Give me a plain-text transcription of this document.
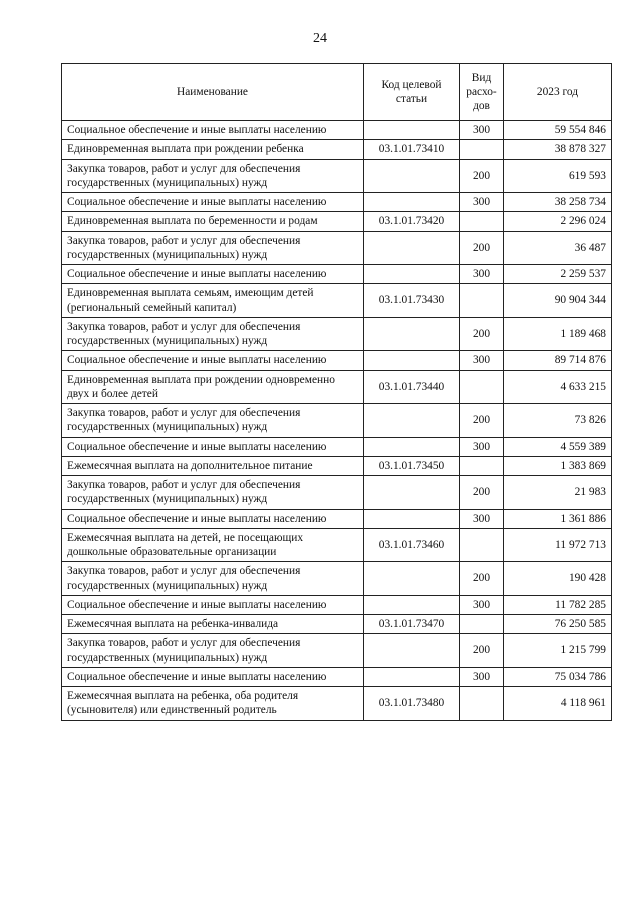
24
Наименование	Код целевой статьи	Вид расхо-дов	2023 год
Социальное обеспечение и иные выплаты населению		300	59 554 846
Единовременная выплата при рождении ребенка	03.1.01.73410		38 878 327
Закупка товаров, работ и услуг для обеспечения государственных (муниципальных) нужд		200	619 593
Социальное обеспечение и иные выплаты населению		300	38 258 734
Единовременная выплата по беременности и родам	03.1.01.73420		2 296 024
Закупка товаров, работ и услуг для обеспечения государственных (муниципальных) нужд		200	36 487
Социальное обеспечение и иные выплаты населению		300	2 259 537
Единовременная выплата семьям, имеющим детей (региональный семейный капитал)	03.1.01.73430		90 904 344
Закупка товаров, работ и услуг для обеспечения государственных (муниципальных) нужд		200	1 189 468
Социальное обеспечение и иные выплаты населению		300	89 714 876
Единовременная выплата при рождении одновременно двух и более детей	03.1.01.73440		4 633 215
Закупка товаров, работ и услуг для обеспечения государственных (муниципальных) нужд		200	73 826
Социальное обеспечение и иные выплаты населению		300	4 559 389
Ежемесячная выплата на дополнительное питание	03.1.01.73450		1 383 869
Закупка товаров, работ и услуг для обеспечения государственных (муниципальных) нужд		200	21 983
Социальное обеспечение и иные выплаты населению		300	1 361 886
Ежемесячная выплата на детей, не посещающих дошкольные образовательные организации	03.1.01.73460		11 972 713
Закупка товаров, работ и услуг для обеспечения государственных (муниципальных) нужд		200	190 428
Социальное обеспечение и иные выплаты населению		300	11 782 285
Ежемесячная выплата на ребенка-инвалида	03.1.01.73470		76 250 585
Закупка товаров, работ и услуг для обеспечения государственных (муниципальных) нужд		200	1 215 799
Социальное обеспечение и иные выплаты населению		300	75 034 786
Ежемесячная выплата на ребенка, оба родителя (усыновителя) или единственный родитель	03.1.01.73480		4 118 961
